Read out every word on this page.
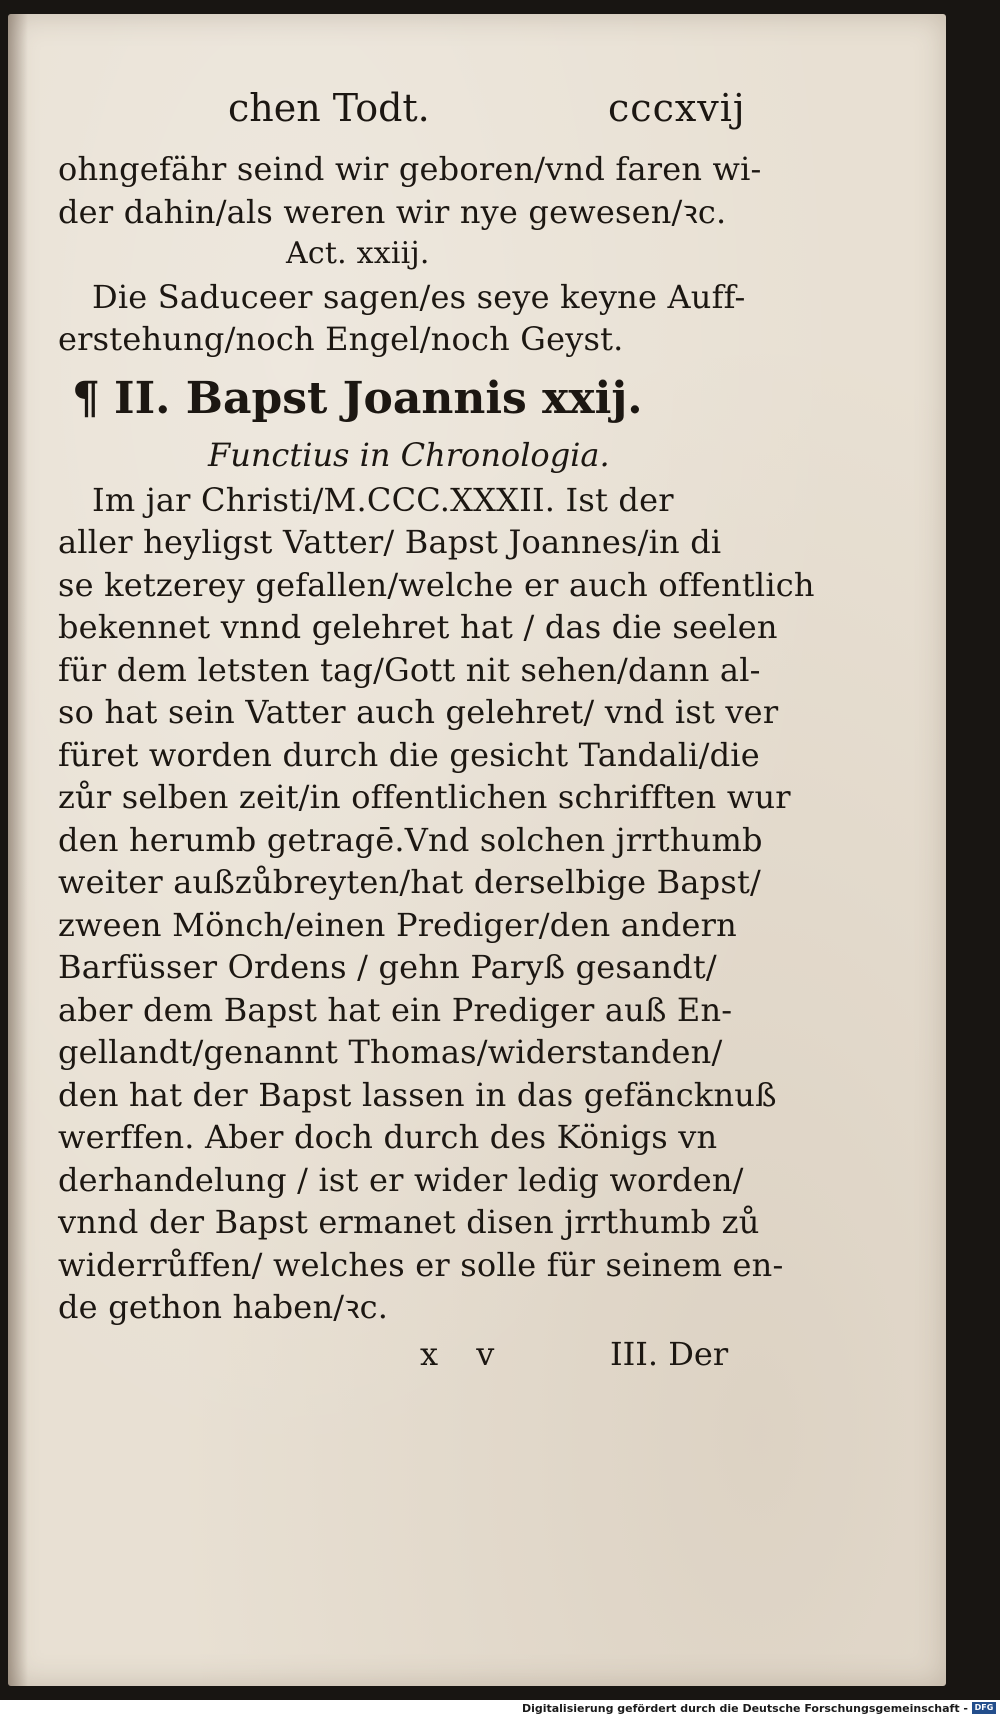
chen Todt.	cccxvij
ohngefähr seind wir geboren/vnd faren wi-
der dahin/als weren wir nye gewesen/ꝛc.
Act. xxiij.
Die Saduceer sagen/es seye keyne Auff-
erstehung/noch Engel/noch Geyst.
¶ II. Bapst Joannis xxij.
Functius in Chronologia.
Im jar Christi/M.CCC.XXXII. Ist der
aller heyligst Vatter/ Bapst Joannes/in di
se ketzerey gefallen/welche er auch offentlich
bekennet vnnd gelehret hat / das die seelen
für dem letsten tag/Gott nit sehen/dann al-
so hat sein Vatter auch gelehret/ vnd ist ver
füret worden durch die gesicht Tandali/die
zůr selben zeit/in offentlichen schrifften wur
den herumb getragē.Vnd solchen jrrthumb
weiter außzůbreyten/hat derselbige Bapst/
zween Mönch/einen Prediger/den andern
Barfüsser Ordens / gehn Paryß gesandt/
aber dem Bapst hat ein Prediger auß En-
gellandt/genannt Thomas/widerstanden/
den hat der Bapst lassen in das gefäncknuß
werffen. Aber doch durch des Königs vn
derhandelung / ist er wider ledig worden/
vnnd der Bapst ermanet disen jrrthumb zů
widerrůffen/ welches er solle für seinem en-
de gethon haben/ꝛc.
x v	III. Der
Digitalisierung gefördert durch die Deutsche Forschungsgemeinschaft - DFG
